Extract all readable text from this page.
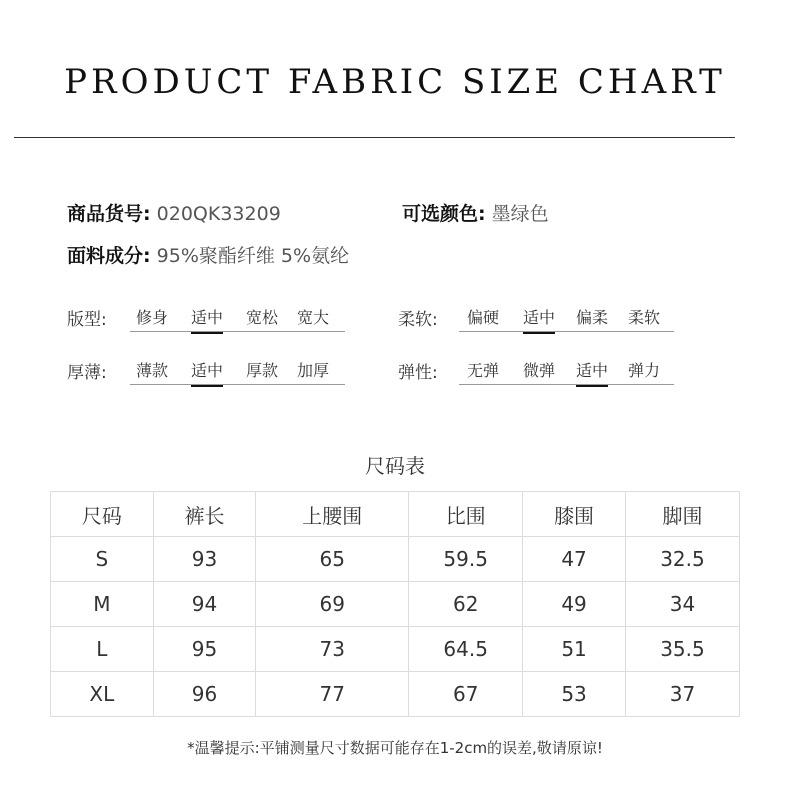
PRODUCT FABRIC SIZE CHART
商品货号: 020QK33209	可选颜色: 墨绿色
面料成分: 95%聚酯纤维 5%氨纶
版型: 修身 适中 宽松 宽大	柔软: 偏硬 适中 偏柔 柔软
厚薄: 薄款 适中 厚款 加厚	弹性: 无弹 微弹 适中 弹力
尺码表
尺码	裤长	上腰围	比围	膝围	脚围
S	93	65	59.5	47	32.5
M	94	69	62	49	34
L	95	73	64.5	51	35.5
XL	96	77	67	53	37
*温馨提示:平铺测量尺寸数据可能存在1-2cm的误差,敬请原谅!
